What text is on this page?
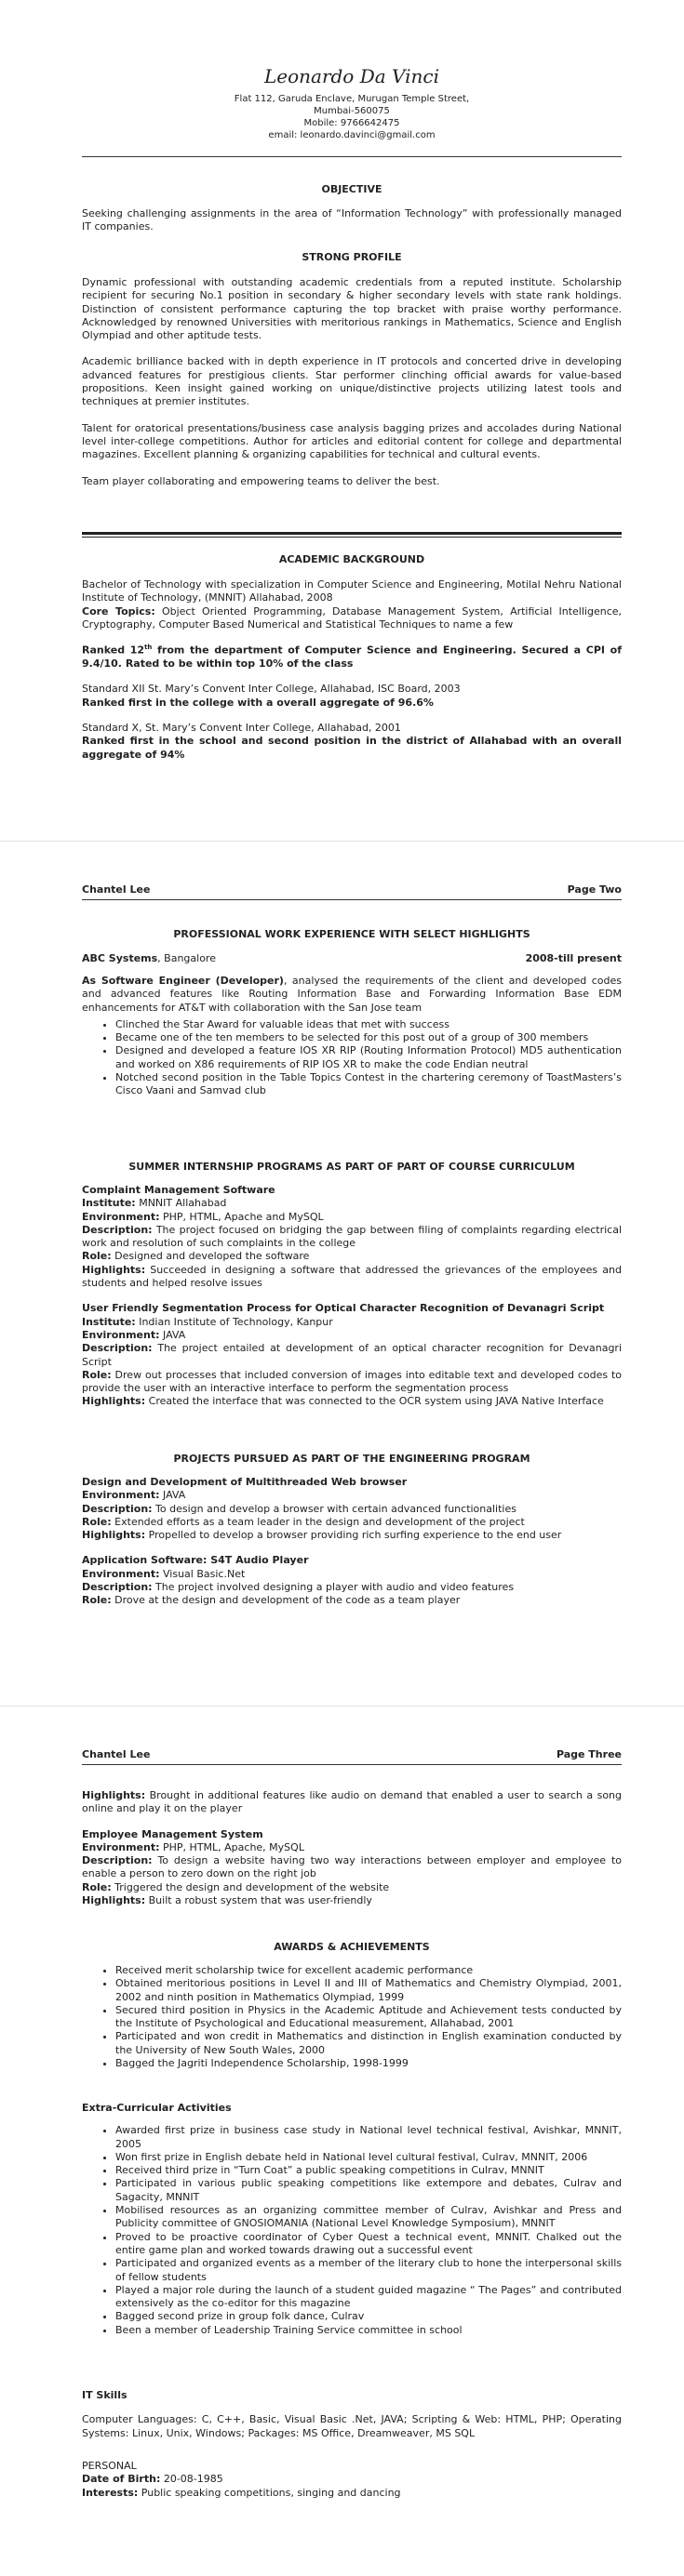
Leonardo Da Vinci
Flat 112, Garuda Enclave, Murugan Temple Street,
Mumbai-560075
Mobile: 9766642475
email: leonardo.davinci@gmail.com
OBJECTIVE

Seeking challenging assignments in the area of “Information Technology” with professionally managed IT companies.

STRONG PROFILE

Dynamic professional with outstanding academic credentials from a reputed institute. Scholarship recipient for securing No.1 position in secondary & higher secondary levels with state rank holdings. Distinction of consistent performance capturing the top bracket with praise worthy performance. Acknowledged by renowned Universities with meritorious rankings in Mathematics, Science and English Olympiad and other aptitude tests.

Academic brilliance backed with in depth experience in IT protocols and concerted drive in developing advanced features for prestigious clients. Star performer clinching official awards for value-based propositions. Keen insight gained working on unique/distinctive projects utilizing latest tools and techniques at premier institutes.

Talent for oratorical presentations/business case analysis bagging prizes and accolades during National level inter-college competitions. Author for articles and editorial content for college and departmental magazines. Excellent planning & organizing capabilities for technical and cultural events.

Team player collaborating and empowering teams to deliver the best.

ACADEMIC BACKGROUND

Bachelor of Technology with specialization in Computer Science and Engineering, Motilal Nehru National Institute of Technology, (MNNIT) Allahabad, 2008

Core Topics: Object Oriented Programming, Database Management System, Artificial Intelligence, Cryptography, Computer Based Numerical and Statistical Techniques to name a few

Ranked 12th from the department of Computer Science and Engineering. Secured a CPI of 9.4/10. Rated to be within top 10% of the class

Standard XII St. Mary’s Convent Inter College, Allahabad, ISC Board, 2003

Ranked first in the college with a overall aggregate of 96.6%

Standard X, St. Mary’s Convent Inter College, Allahabad, 2001

Ranked first in the school and second position in the district of Allahabad with an overall aggregate of 94%

Chantel Lee	Page Two
PROFESSIONAL WORK EXPERIENCE WITH SELECT HIGHLIGHTS
ABC Systems, Bangalore	2008-till present

As Software Engineer (Developer), analysed the requirements of the client and developed codes and advanced features like Routing Information Base and Forwarding Information Base EDM enhancements for AT&T with collaboration with the San Jose team

• Clinched the Star Award for valuable ideas that met with success
• Became one of the ten members to be selected for this post out of a group of 300 members
• Designed and developed a feature IOS XR RIP (Routing Information Protocol) MD5 authentication and worked on X86 requirements of RIP IOS XR to make the code Endian neutral
• Notched second position in the Table Topics Contest in the chartering ceremony of ToastMasters’s Cisco Vaani and Samvad club
SUMMER INTERNSHIP PROGRAMS AS PART OF PART OF COURSE CURRICULUM

Complaint Management Software

Institute: MNNIT Allahabad

Environment: PHP, HTML, Apache and MySQL

Description: The project focused on bridging the gap between filing of complaints regarding electrical work and resolution of such complaints in the college

Role: Designed and developed the software

Highlights: Succeeded in designing a software that addressed the grievances of the employees and students and helped resolve issues

User Friendly Segmentation Process for Optical Character Recognition of Devanagri Script

Institute: Indian Institute of Technology, Kanpur

Environment: JAVA

Description: The project entailed at development of an optical character recognition for Devanagri Script

Role: Drew out processes that included conversion of images into editable text and developed codes to provide the user with an interactive interface to perform the segmentation process

Highlights: Created the interface that was connected to the OCR system using JAVA Native Interface

PROJECTS PURSUED AS PART OF THE ENGINEERING PROGRAM

Design and Development of Multithreaded Web browser

Environment: JAVA

Description: To design and develop a browser with certain advanced functionalities

Role: Extended efforts as a team leader in the design and development of the project

Highlights: Propelled to develop a browser providing rich surfing experience to the end user

Application Software: S4T Audio Player

Environment: Visual Basic.Net

Description: The project involved designing a player with audio and video features

Role: Drove at the design and development of the code as a team player

Chantel Lee	Page Three

Highlights: Brought in additional features like audio on demand that enabled a user to search a song online and play it on the player

Employee Management System

Environment: PHP, HTML, Apache, MySQL

Description: To design a website having two way interactions between employer and employee to enable a person to zero down on the right job

Role: Triggered the design and development of the website

Highlights: Built a robust system that was user-friendly

AWARDS & ACHIEVEMENTS
• Received merit scholarship twice for excellent academic performance
• Obtained meritorious positions in Level II and III of Mathematics and Chemistry Olympiad, 2001, 2002 and ninth position in Mathematics Olympiad, 1999
• Secured third position in Physics in the Academic Aptitude and Achievement tests conducted by the Institute of Psychological and Educational measurement, Allahabad, 2001
• Participated and won credit in Mathematics and distinction in English examination conducted by the University of New South Wales, 2000
• Bagged the Jagriti Independence Scholarship, 1998-1999

Extra-Curricular Activities

• Awarded first prize in business case study in National level technical festival, Avishkar, MNNIT, 2005
• Won first prize in English debate held in National level cultural festival, Culrav, MNNIT, 2006
• Received third prize in “Turn Coat” a public speaking competitions in Culrav, MNNIT
• Participated in various public speaking competitions like extempore and debates, Culrav and Sagacity, MNNIT
• Mobilised resources as an organizing committee member of Culrav, Avishkar and Press and Publicity committee of GNOSIOMANIA (National Level Knowledge Symposium), MNNIT
• Proved to be proactive coordinator of Cyber Quest a technical event, MNNIT. Chalked out the entire game plan and worked towards drawing out a successful event
• Participated and organized events as a member of the literary club to hone the interpersonal skills of fellow students
• Played a major role during the launch of a student guided magazine “ The Pages” and contributed extensively as the co-editor for this magazine
• Bagged second prize in group folk dance, Culrav
• Been a member of Leadership Training Service committee in school

IT Skills

Computer Languages: C, C++, Basic, Visual Basic .Net, JAVA; Scripting & Web: HTML, PHP; Operating Systems: Linux, Unix, Windows; Packages: MS Office, Dreamweaver, MS SQL

PERSONAL

Date of Birth: 20-08-1985

Interests: Public speaking competitions, singing and dancing
